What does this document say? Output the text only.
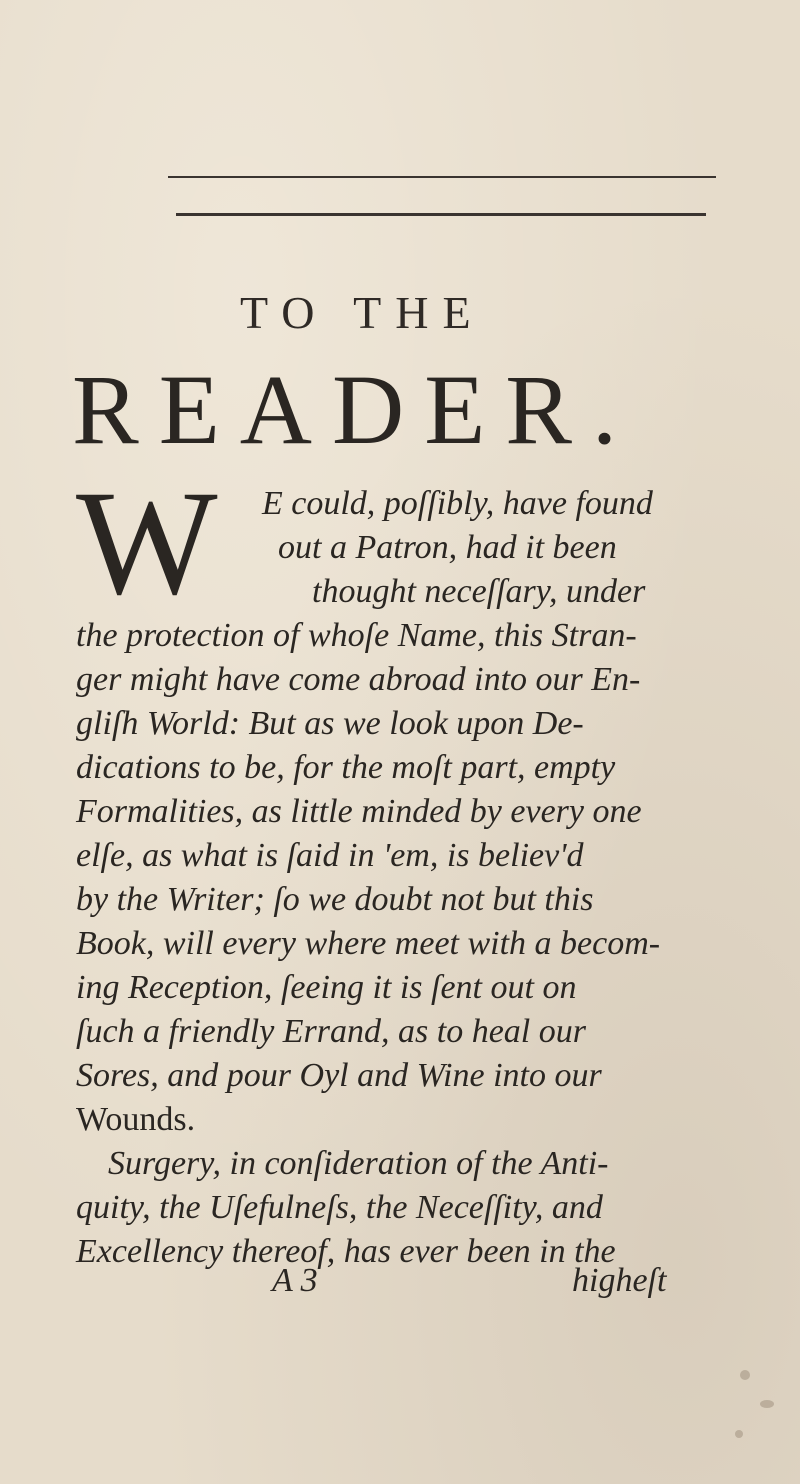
TO THE
READER.
W E could, poſſibly, have found
out a Patron, had it been
thought neceſſary, under
the protection of whoſe Name, this Stran-
ger might have come abroad into our En-
gliſh World: But as we look upon De-
dications to be, for the moſt part, empty
Formalities, as little minded by every one
elſe, as what is ſaid in 'em, is believ'd
by the Writer; ſo we doubt not but this
Book, will every where meet with a becom-
ing Reception, ſeeing it is ſent out on
ſuch a friendly Errand, as to heal our
Sores, and pour Oyl and Wine into our
Wounds.
Surgery, in conſideration of the Anti-
quity, the Uſefulneſs, the Neceſſity, and
Excellency thereof, has ever been in the
A 3	higheſt
